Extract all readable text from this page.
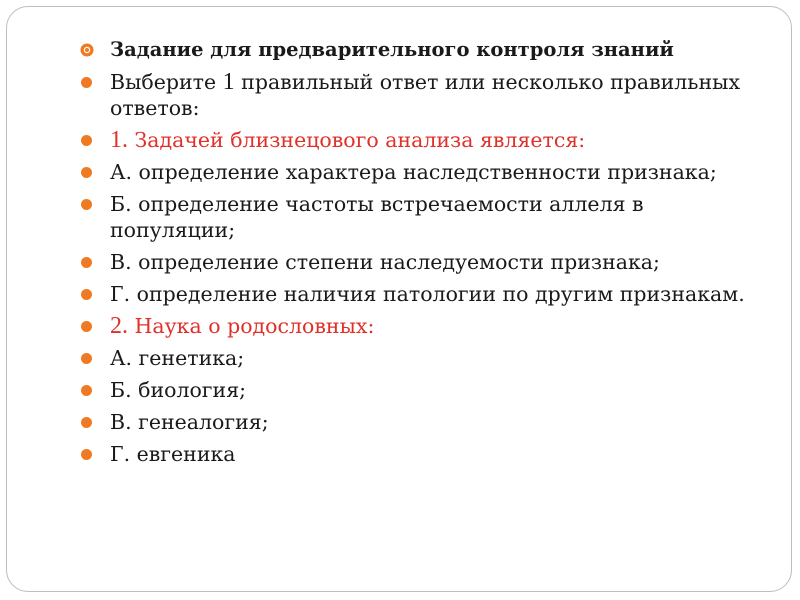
Задание для предварительного контроля знаний
Выберите 1 правильный ответ или несколько правильных ответов:
1. Задачей близнецового анализа является:
А. определение характера наследственности признака;
Б. определение частоты встречаемости аллеля в популяции;
В. определение степени наследуемости признака;
Г. определение наличия патологии по другим признакам.
2. Наука о родословных:
А. генетика;
Б. биология;
В. генеалогия;
Г. евгеника
